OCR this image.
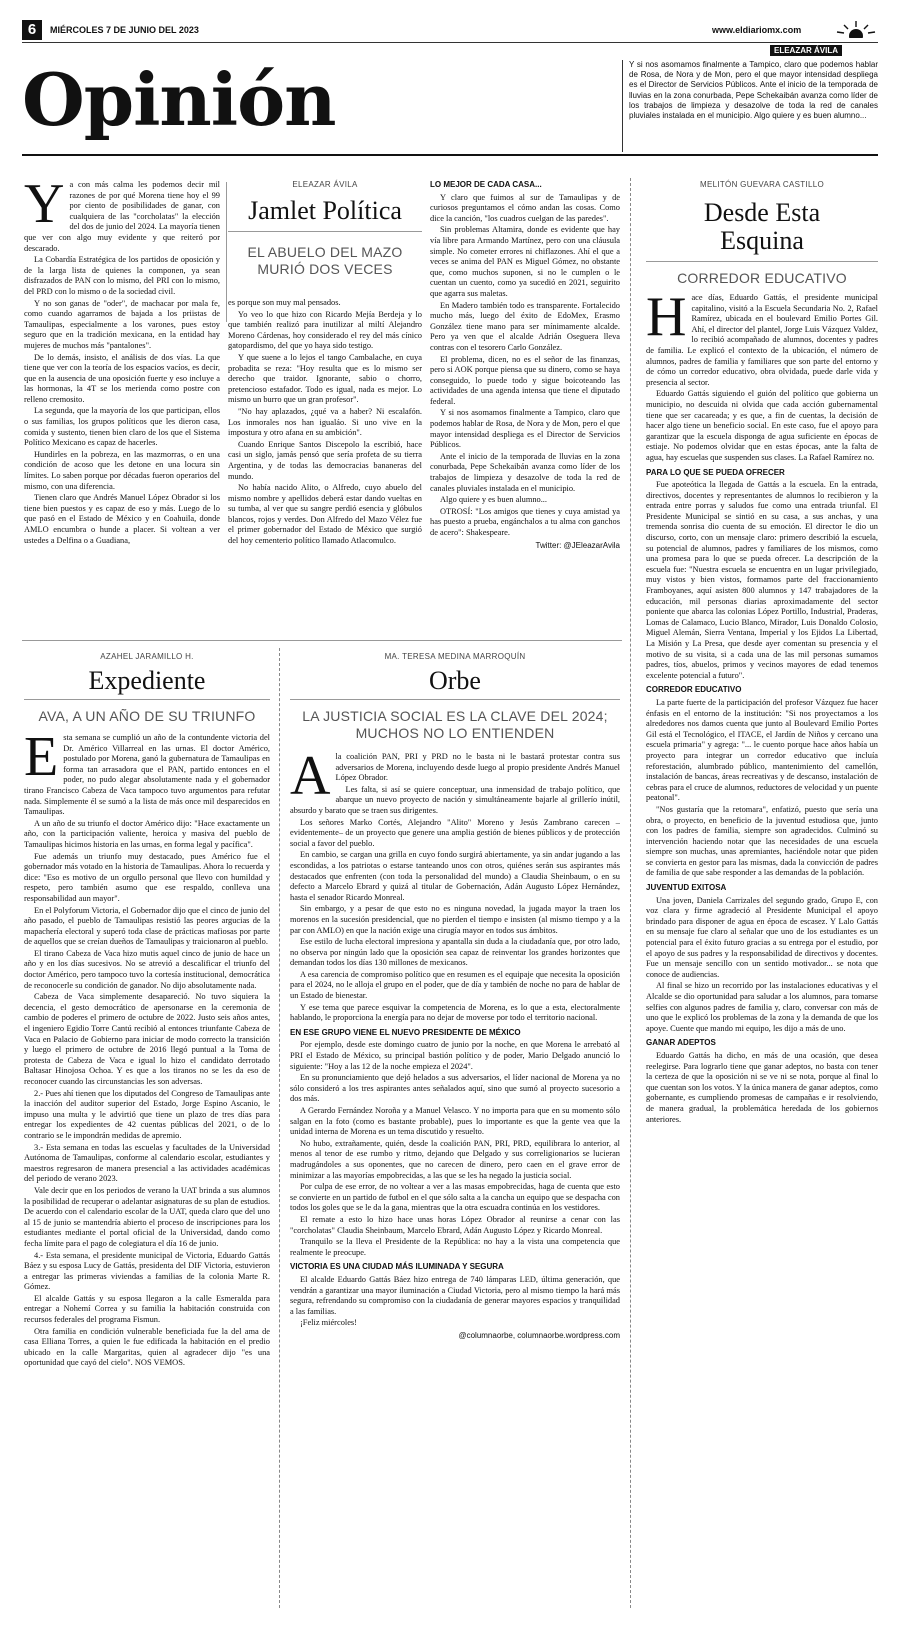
6	MIÉRCOLES 7 DE JUNIO DEL 2023	www.eldiariomx.com
Opinión
ELEAZAR ÁVILA
Y si nos asomamos finalmente a Tampico, claro que podemos hablar de Rosa, de Nora y de Mon, pero el que mayor intensidad despliega es el Director de Servicios Públicos. Ante el inicio de la temporada de lluvias en la zona conurbada, Pepe Schekaibán avanza como líder de los trabajos de limpieza y desazolve de toda la red de canales pluviales instalada en el municipio. Algo quiere y es buen alumno...

Ya con más calma les podemos decir mil razones de por qué Morena tiene hoy el 99 por ciento de posibilidades de ganar, con cualquiera de las "corcholatas" la elección del dos de junio del 2024. La mayoría tienen que ver con algo muy evidente y que reiteró por descarado.

La Cobardía Estratégica de los partidos de oposición y de la larga lista de quienes la componen, ya sean disfrazados de PAN con lo mismo, del PRI con lo mismo, del PRD con lo mismo o de la sociedad civil.

Y no son ganas de "oder", de machacar por mala fe, como cuando agarramos de bajada a los priistas de Tamaulipas, especialmente a los varones, pues estoy seguro que en la tradición mexicana, en la entidad hay mujeres de muchos más "pantalones".

De lo demás, insisto, el análisis de dos vías. La que tiene que ver con la teoría de los espacios vacíos, es decir, que en la ausencia de una oposición fuerte y eso incluye a las hormonas, la 4T se los merienda como postre con relleno cremosito.

La segunda, que la mayoría de los que participan, ellos o sus familias, los grupos políticos que les dieron casa, comida y sustento, tienen bien claro de los que el Sistema Político Mexicano es capaz de hacerles.

Hundirles en la pobreza, en las mazmorras, o en una condición de acoso que les detone en una locura sin límites. Lo saben porque por décadas fueron operarios del mismo, con una diferencia.

Tienen claro que Andrés Manuel López Obrador si los tiene bien puestos y es capaz de eso y más. Luego de lo que pasó en el Estado de México y en Coahuila, donde AMLO encumbra o hunde a placer. Si voltean a ver ustedes a Delfina o a Guadiana,

ELEAZAR ÁVILA
Jamlet Política
EL ABUELO DEL MAZO MURIÓ DOS VECES

es porque son muy mal pensados.

Yo veo lo que hizo con Ricardo Mejía Berdeja y lo que también realizó para inutilizar al miltí Alejandro Moreno Cárdenas, hoy considerado el rey del más cínico gatopardismo, del que yo haya sido testigo.

Y que suene a lo lejos el tango Cambalache, en cuya probadita se reza: "Hoy resulta que es lo mismo ser derecho que traidor. Ignorante, sabio o chorro, pretencioso estafador. Todo es igual, nada es mejor. Lo mismo un burro que un gran profesor".

"No hay aplazados, ¿qué va a haber? Ni escalafón. Los inmorales nos han igualáo. Si uno vive en la impostura y otro afana en su ambición".

Cuando Enrique Santos Discepolo la escribió, hace casi un siglo, jamás pensó que sería profeta de su tierra Argentina, y de todas las democracias bananeras del mundo.

No había nacido Alito, o Alfredo, cuyo abuelo del mismo nombre y apellidos deberá estar dando vueltas en su tumba, al ver que su sangre perdió esencia y glóbulos blancos, rojos y verdes. Don Alfredo del Mazo Vélez fue el primer gobernador del Estado de México que surgió del hoy cementerio político llamado Atlacomulco.

LO MEJOR DE CADA CASA...

Y claro que fuimos al sur de Tamaulipas y de curiosos preguntamos el cómo andan las cosas. Como dice la canción, "los cuadros cuelgan de las paredes".

Sin problemas Altamira, donde es evidente que hay vía libre para Armando Martínez, pero con una cláusula simple. No cometer errores ni chiflazones. Ahí el que a veces se anima del PAN es Miguel Gómez, no obstante que, como muchos suponen, si no le cumplen o le cuentan un cuento, como ya sucedió en 2021, seguirito que agarra sus maletas.

En Madero también todo es transparente. Fortalecido mucho más, luego del éxito de EdoMex, Erasmo González tiene mano para ser mínimamente alcalde. Pero ya ven que el alcalde Adrián Oseguera lleva contras con el tesorero Carlo González.

El problema, dicen, no es el señor de las finanzas, pero si AOK porque piensa que su dinero, como se haya conseguido, lo puede todo y sigue boicoteando las actividades de una agenda intensa que tiene el diputado federal.

Y si nos asomamos finalmente a Tampico, claro que podemos hablar de Rosa, de Nora y de Mon, pero el que mayor intensidad despliega es el Director de Servicios Públicos.

Ante el inicio de la temporada de lluvias en la zona conurbada, Pepe Schekaibán avanza como líder de los trabajos de limpieza y desazolve de toda la red de canales pluviales instalada en el municipio.

Algo quiere y es buen alumno...

OTROSÍ: "Los amigos que tienes y cuya amistad ya has puesto a prueba, engánchalos a tu alma con ganchos de acero": Shakespeare.

Twitter: @JEleazarAvila
MELITÓN GUEVARA CASTILLO
Desde Esta Esquina
CORREDOR EDUCATIVO

Hace días, Eduardo Gattás, el presidente municipal capitalino, visitó a la Escuela Secundaria No. 2, Rafael Ramírez, ubicada en el boulevard Emilio Portes Gil. Ahí, el director del plantel, Jorge Luis Vázquez Valdez, lo recibió acompañado de alumnos, docentes y padres de familia. Le explicó el contexto de la ubicación, el número de alumnos, padres de familia y familiares que son parte del entorno y de cómo un corredor educativo, obra olvidada, puede darle vida y presencia al sector.

Eduardo Gattás siguiendo el guión del político que gobierna un municipio, no descuida ni olvida que cada acción gubernamental tiene que ser cacareada; y es que, a fin de cuentas, la decisión de hacer algo tiene un beneficio social. En este caso, fue el apoyo para garantizar que la escuela disponga de agua suficiente en épocas de estiaje. No podemos olvidar que en estas épocas, ante la falta de agua, hay escuelas que suspenden sus clases. La Rafael Ramírez no.

PARA LO QUE SE PUEDA OFRECER

Fue apoteótica la llegada de Gattás a la escuela. En la entrada, directivos, docentes y representantes de alumnos lo recibieron y la entrada entre porras y saludos fue como una entrada triunfal. El Presidente Municipal se sintió en su casa, a sus anchas, y una tremenda sonrisa dio cuenta de su emoción. El director le dio un discurso, corto, con un mensaje claro: primero describió la escuela, su potencial de alumnos, padres y familiares de los mismos, como una promesa para lo que se pueda ofrecer. La descripción de la escuela fue: "Nuestra escuela se encuentra en un lugar privilegiado, muy vistos y bien vistos, formamos parte del fraccionamiento Framboyanes, aquí asisten 800 alumnos y 147 trabajadores de la educación, mil personas diarias aproximadamente del sector poniente que abarca las colonias López Portillo, Industrial, Praderas, Lomas de Calamaco, Lucio Blanco, Mirador, Luis Donaldo Colosio, Miguel Alemán, Sierra Ventana, Imperial y los Ejidos La Libertad, La Misión y La Presa, que desde ayer comentan su presencia y el motivo de su visita, si a cada una de las mil personas sumamos padres, tíos, abuelos, primos y vecinos mayores de edad tenemos excelente potencial a futuro".

CORREDOR EDUCATIVO

La parte fuerte de la participación del profesor Vázquez fue hacer énfasis en el entorno de la institución: "Si nos proyectamos a los alrededores nos damos cuenta que junto al Boulevard Emilio Portes Gil está el Tecnológico, el ITACE, el Jardín de Niños y cercano una escuela primaria" y agrega: "... le cuento porque hace años había un proyecto para integrar un corredor educativo que incluía reforestación, alumbrado público, mantenimiento del camellón, instalación de bancas, áreas recreativas y de descanso, instalación de cebras para el cruce de alumnos, reductores de velocidad y un puente peatonal".

"Nos gustaría que la retomara", enfatizó, puesto que sería una obra, o proyecto, en beneficio de la juventud estudiosa que, junto con los padres de familia, siempre son agradecidos. Culminó su intervención haciendo notar que las necesidades de una escuela siempre son muchas, unas apremiantes, haciéndole notar que piden se convierta en gestor para las mismas, dada la convicción de padres de familia de que sabe responder a las demandas de la población.

JUVENTUD EXITOSA

Una joven, Daniela Carrizales del segundo grado, Grupo E, con voz clara y firme agradeció al Presidente Municipal el apoyo brindado para disponer de agua en época de escasez. Y Lalo Gattás en su mensaje fue claro al señalar que uno de los estudiantes es un potencial para el éxito futuro gracias a su entrega por el estudio, por el apoyo de sus padres y la responsabilidad de directivos y docentes. Fue un mensaje sencillo con un sentido motivador... se nota que conoce de audiencias.

Al final se hizo un recorrido por las instalaciones educativas y el Alcalde se dio oportunidad para saludar a los alumnos, para tomarse selfies con algunos padres de familia y, claro, conversar con más de uno que le explicó los problemas de la zona y la demanda de que los apoye. Cuente que mando mi equipo, les dijo a más de uno.

GANAR ADEPTOS

Eduardo Gattás ha dicho, en más de una ocasión, que desea reelegirse. Para lograrlo tiene que ganar adeptos, no basta con tener la certeza de que la oposición ni se ve ni se nota, porque al final lo que cuentan son los votos. Y la única manera de ganar adeptos, como gobernante, es cumpliendo promesas de campañas e ir resolviendo, de manera gradual, la problemática heredada de los gobiernos anteriores.

AZAHEL JARAMILLO H.
Expediente
AVA, A UN AÑO DE SU TRIUNFO

Esta semana se cumplió un año de la contundente victoria del Dr. Américo Villarreal en las urnas. El doctor Américo, postulado por Morena, ganó la gubernatura de Tamaulipas en forma tan arrasadora que el PAN, partido entonces en el poder, no pudo alegar absolutamente nada y el gobernador tirano Francisco Cabeza de Vaca tampoco tuvo argumentos para refutar nada. Simplemente él se sumó a la lista de más once mil desparecidos en Tamaulipas.

A un año de su triunfo el doctor Américo dijo: "Hace exactamente un año, con la participación valiente, heroica y masiva del pueblo de Tamaulipas hicimos historia en las urnas, en forma legal y pacífica".

Fue además un triunfo muy destacado, pues Américo fue el gobernador más votado en la historia de Tamaulipas. Ahora lo recuerda y dice: "Eso es motivo de un orgullo personal que llevo con humildad y respeto, pero también asumo que ese respaldo, conlleva una responsabilidad aun mayor".

En el Polyforum Victoria, el Gobernador dijo que el cinco de junio del año pasado, el pueblo de Tamaulipas resistió las peores argucias de la mapachería electoral y superó toda clase de prácticas mafiosas por parte de aquellos que se creían dueños de Tamaulipas y traicionaron al pueblo.

El tirano Cabeza de Vaca hizo mutis aquel cinco de junio de hace un año y en los días sucesivos. No se atrevió a descalificar el triunfo del doctor Américo, pero tampoco tuvo la cortesía institucional, democrática de reconocerle su condición de ganador. No dijo absolutamente nada.

Cabeza de Vaca simplemente desapareció. No tuvo siquiera la decencia, el gesto democrático de apersonarse en la ceremonia de cambio de poderes el primero de octubre de 2022. Justo seis años antes, el ingeniero Egidio Torre Cantú recibió al entonces triunfante Cabeza de Vaca en Palacio de Gobierno para iniciar de modo correcto la transición y luego el primero de octubre de 2016 llegó puntual a la Toma de protesta de Cabeza de Vaca e igual lo hizo el candidato derrotado Baltasar Hinojosa Ochoa. Y es que a los tiranos no se les da eso de reconocer cuando las circunstancias les son adversas.

2.- Pues ahí tienen que los diputados del Congreso de Tamaulipas ante la inacción del auditor superior del Estado, Jorge Espino Ascanio, le impuso una multa y le advirtió que tiene un plazo de tres días para entregar los expedientes de 42 cuentas públicas del 2021, o de lo contrario se le impondrán medidas de apremio.

3.- Esta semana en todas las escuelas y facultades de la Universidad Autónoma de Tamaulipas, conforme al calendario escolar, estudiantes y maestros regresaron de manera presencial a las actividades académicas del periodo de verano 2023.

Vale decir que en los periodos de verano la UAT brinda a sus alumnos la posibilidad de recuperar o adelantar asignaturas de su plan de estudios. De acuerdo con el calendario escolar de la UAT, queda claro que del uno al 15 de junio se mantendría abierto el proceso de inscripciones para los estudiantes mediante el portal oficial de la Universidad, dando como fecha límite para el pago de colegiatura el día 16 de junio.

4.- Esta semana, el presidente municipal de Victoria, Eduardo Gattás Báez y su esposa Lucy de Gattás, presidenta del DIF Victoria, estuvieron a entregar las primeras viviendas a familias de la colonia Marte R. Gómez.

El alcalde Gattás y su esposa llegaron a la calle Esmeralda para entregar a Nohemí Correa y su familia la habitación construida con recursos federales del programa Fismun.

Otra familia en condición vulnerable beneficiada fue la del ama de casa Elliana Torres, a quien le fue edificada la habitación en el predio ubicado en la calle Margaritas, quien al agradecer dijo "es una oportunidad que cayó del cielo". NOS VEMOS.

MA. TERESA MEDINA MARROQUÍN
Orbe
LA JUSTICIA SOCIAL ES LA CLAVE DEL 2024; MUCHOS NO LO ENTIENDEN

Ala coalición PAN, PRI y PRD no le basta ni le bastará protestar contra sus adversarios de Morena, incluyendo desde luego al propio presidente Andrés Manuel López Obrador.

Les falta, si así se quiere conceptuar, una inmensidad de trabajo político, que abarque un nuevo proyecto de nación y simultáneamente bajarle al grillerío inútil, absurdo y barato que se traen sus dirigentes.

Los señores Marko Cortés, Alejandro "Alito" Moreno y Jesús Zambrano carecen –evidentemente– de un proyecto que genere una amplia gestión de bienes públicos y de protección social a favor del pueblo.

En cambio, se cargan una grilla en cuyo fondo surgirá abiertamente, ya sin andar jugando a las escondidas, a los patriotas o estarse tanteando unos con otros, quiénes serán sus aspirantes más destacados que enfrenten (con toda la personalidad del mundo) a Claudia Sheinbaum, o en su defecto a Marcelo Ebrard y quizá al titular de Gobernación, Adán Augusto López Hernández, hasta el senador Ricardo Monreal.

Sin embargo, y a pesar de que esto no es ninguna novedad, la jugada mayor la traen los morenos en la sucesión presidencial, que no pierden el tiempo e insisten (al mismo tiempo y a la par con AMLO) en que la nación exige una cirugía mayor en todos sus ámbitos.

Ese estilo de lucha electoral impresiona y apantalla sin duda a la ciudadanía que, por otro lado, no observa por ningún lado que la oposición sea capaz de reinventar los grandes horizontes que demandan todos los días 130 millones de mexicanos.

A esa carencia de compromiso político que en resumen es el equipaje que necesita la oposición para el 2024, no le alloja el grupo en el poder, que de día y también de noche no para de hablar de un Estado de bienestar.

Y ese tema que parece esquivar la competencia de Morena, es lo que a esta, electoralmente hablando, le proporciona la energía para no dejar de moverse por todo el territorio nacional.

EN ESE GRUPO VIENE EL NUEVO PRESIDENTE DE MÉXICO

Por ejemplo, desde este domingo cuatro de junio por la noche, en que Morena le arrebató al PRI el Estado de México, su principal bastión político y de poder, Mario Delgado anunció lo siguiente: "Hoy a las 12 de la noche empieza el 2024".

En su pronunciamiento que dejó helados a sus adversarios, el líder nacional de Morena ya no sólo consideró a los tres aspirantes antes señalados aquí, sino que sumó al proyecto sucesorio a dos más.

A Gerardo Fernández Noroña y a Manuel Velasco. Y no importa para que en su momento sólo salgan en la foto (como es bastante probable), pues lo importante es que la gente vea que la unidad interna de Morena es un tema discutido y resuelto.

No hubo, extrañamente, quién, desde la coalición PAN, PRI, PRD, equilibrara lo anterior, al menos al tenor de ese rumbo y ritmo, dejando que Delgado y sus correligionarios se lucieran madrugándoles a sus oponentes, que no carecen de dinero, pero caen en el grave error de minimizar a las mayorías empobrecidas, a las que se les ha negado la justicia social.

Por culpa de ese error, de no voltear a ver a las masas empobrecidas, haga de cuenta que esto se convierte en un partido de futbol en el que sólo salta a la cancha un equipo que se despacha con todos los goles que se le da la gana, mientras que la otra escuadra continúa en los vestidores.

El remate a esto lo hizo hace unas horas López Obrador al reunirse a cenar con las "corcholatas" Claudia Sheinbaum, Marcelo Ebrard, Adán Augusto López y Ricardo Monreal.

Tranquilo se la lleva el Presidente de la República: no hay a la vista una competencia que realmente le preocupe.

VICTORIA ES UNA CIUDAD MÁS ILUMINADA Y SEGURA

El alcalde Eduardo Gattás Báez hizo entrega de 740 lámparas LED, última generación, que vendrán a garantizar una mayor iluminación a Ciudad Victoria, pero al mismo tiempo la hará más segura, refrendando su compromiso con la ciudadanía de generar mayores espacios y tranquilidad a las familias.

¡Feliz miércoles!

@columnaorbe, columnaorbe.wordpress.com
